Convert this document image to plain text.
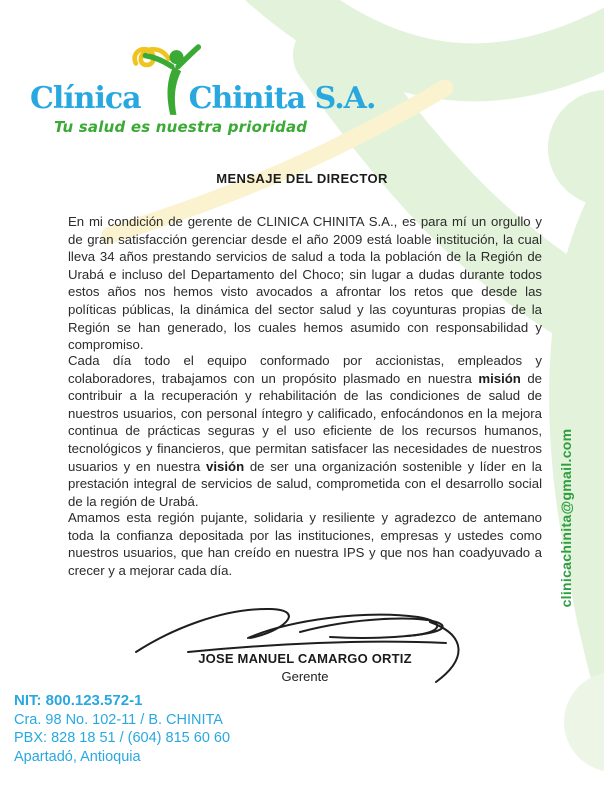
Clínica Chinita S.A.
Tu salud es nuestra prioridad
MENSAJE DEL DIRECTOR

En mi condición de gerente de CLINICA CHINITA S.A., es para mí un orgullo y de gran satisfacción gerenciar desde el año 2009 está loable institución, la cual lleva 34 años prestando servicios de salud a toda la población de la Región de Urabá e incluso del Departamento del Choco; sin lugar a dudas durante todos estos años nos hemos visto avocados a afrontar los retos que desde las políticas públicas, la dinámica del sector salud y las coyunturas propias de la Región se han generado, los cuales hemos asumido con responsabilidad y compromiso.

Cada día todo el equipo conformado por accionistas, empleados y colaboradores, trabajamos con un propósito plasmado en nuestra misión de contribuir a la recuperación y rehabilitación de las condiciones de salud de nuestros usuarios, con personal íntegro y calificado, enfocándonos en la mejora continua de prácticas seguras y el uso eficiente de los recursos humanos, tecnológicos y financieros, que permitan satisfacer las necesidades de nuestros usuarios y en nuestra visión de ser una organización sostenible y líder en la prestación integral de servicios de salud, comprometida con el desarrollo social de la región de Urabá.

Amamos esta región pujante, solidaria y resiliente y agradezco de antemano toda la confianza depositada por las instituciones, empresas y ustedes como nuestros usuarios, que han creído en nuestra IPS y que nos han coadyuvado a crecer y a mejorar cada día.

JOSE MANUEL CAMARGO ORTIZ
Gerente
NIT: 800.123.572-1
Cra. 98 No. 102-11 / B. CHINITA
PBX: 828 18 51 / (604) 815 60 60
Apartadó, Antioquia
clinicachinita@gmail.com
